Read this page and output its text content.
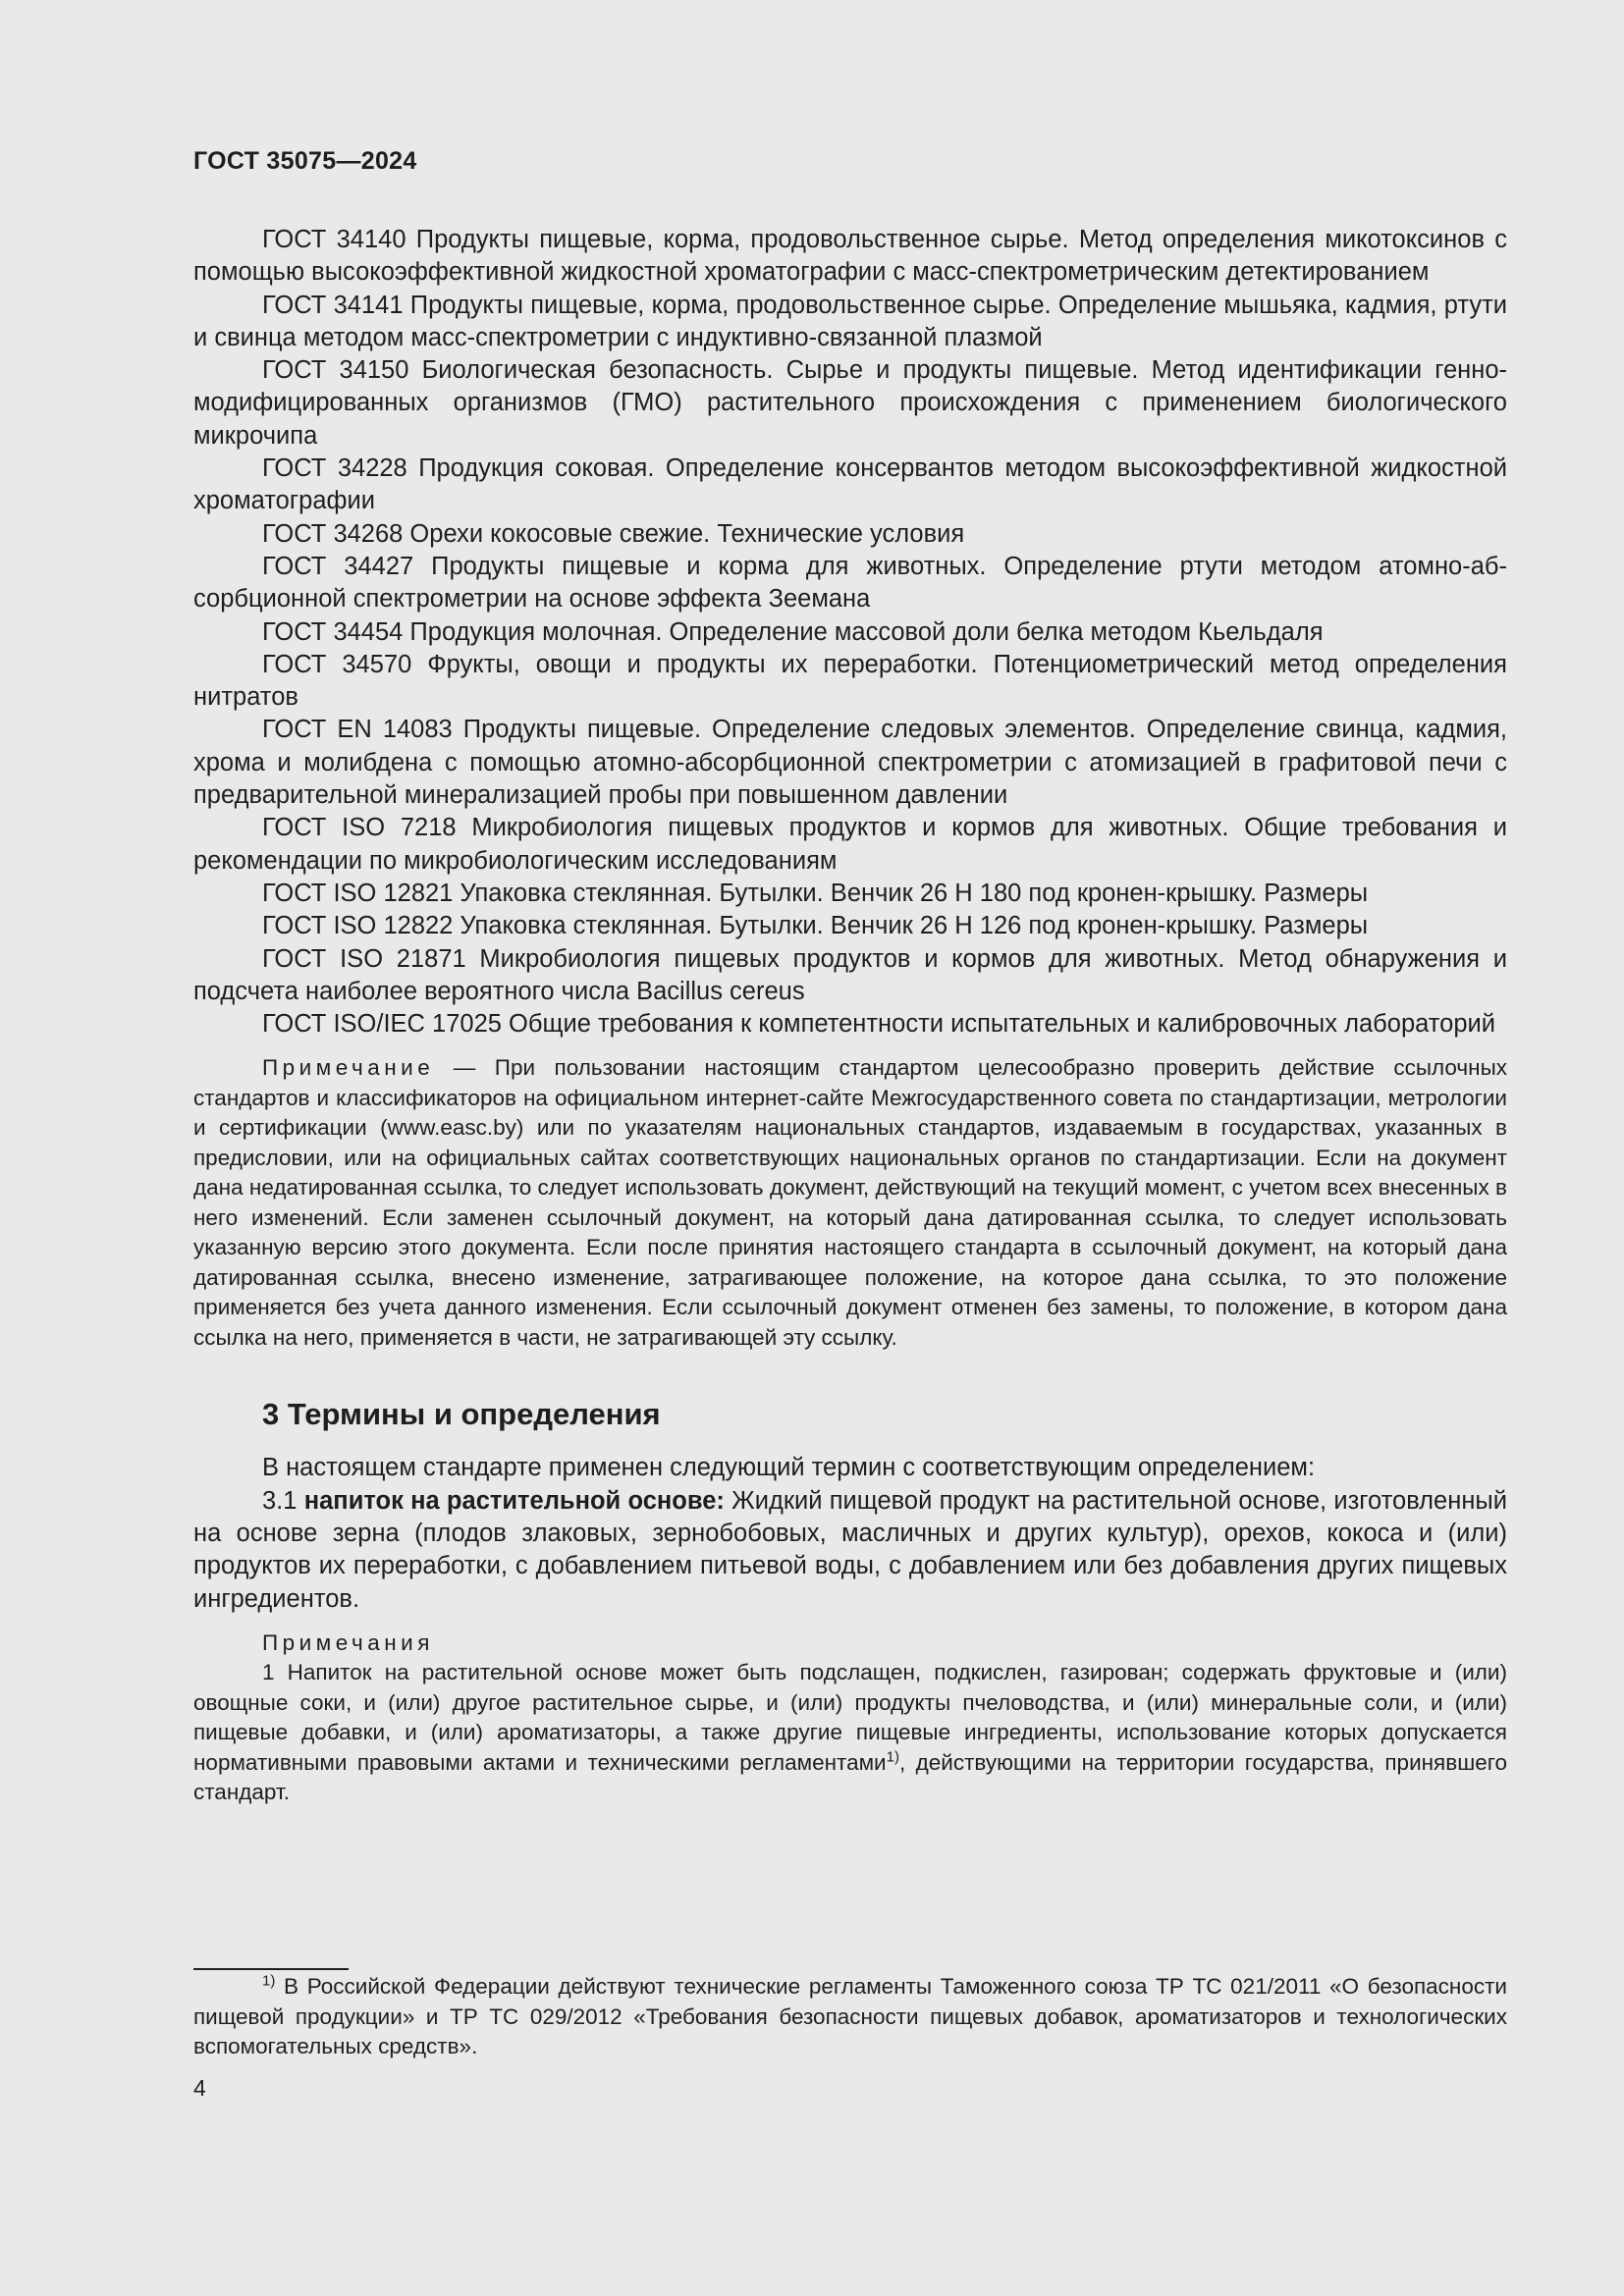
ГОСТ 35075—2024

ГОСТ 34140 Продукты пищевые, корма, продовольственное сырье. Метод определения микотоксинов с помощью высокоэффективной жидкостной хроматографии с масс-спектрометрическим детектированием

ГОСТ 34141 Продукты пищевые, корма, продовольственное сырье. Определение мышьяка, кадмия, ртути и свинца методом масс-спектрометрии с индуктивно-связанной плазмой

ГОСТ 34150 Биологическая безопасность. Сырье и продукты пищевые. Метод идентификации генно-модифицированных организмов (ГМО) растительного происхождения с применением биологического микрочипа

ГОСТ 34228 Продукция соковая. Определение консервантов методом высокоэффективной жидкостной хроматографии

ГОСТ 34268 Орехи кокосовые свежие. Технические условия

ГОСТ 34427 Продукты пищевые и корма для животных. Определение ртути методом атомно-абсорбционной спектрометрии на основе эффекта Зеемана

ГОСТ 34454 Продукция молочная. Определение массовой доли белка методом Кьельдаля

ГОСТ 34570 Фрукты, овощи и продукты их переработки. Потенциометрический метод определения нитратов

ГОСТ EN 14083 Продукты пищевые. Определение следовых элементов. Определение свинца, кадмия, хрома и молибдена с помощью атомно-абсорбционной спектрометрии с атомизацией в графитовой печи с предварительной минерализацией пробы при повышенном давлении

ГОСТ ISO 7218 Микробиология пищевых продуктов и кормов для животных. Общие требования и рекомендации по микробиологическим исследованиям

ГОСТ ISO 12821 Упаковка стеклянная. Бутылки. Венчик 26 Н 180 под кронен-крышку. Размеры

ГОСТ ISO 12822 Упаковка стеклянная. Бутылки. Венчик 26 Н 126 под кронен-крышку. Размеры

ГОСТ ISO 21871 Микробиология пищевых продуктов и кормов для животных. Метод обнаружения и подсчета наиболее вероятного числа Bacillus cereus

ГОСТ ISO/IEC 17025 Общие требования к компетентности испытательных и калибровочных лабораторий

Примечание — При пользовании настоящим стандартом целесообразно проверить действие ссылочных стандартов и классификаторов на официальном интернет-сайте Межгосударственного совета по стандартизации, метрологии и сертификации (www.easc.by) или по указателям национальных стандартов, издаваемым в государствах, указанных в предисловии, или на официальных сайтах соответствующих национальных органов по стандартизации. Если на документ дана недатированная ссылка, то следует использовать документ, действующий на текущий момент, с учетом всех внесенных в него изменений. Если заменен ссылочный документ, на который дана датированная ссылка, то следует использовать указанную версию этого документа. Если после принятия настоящего стандарта в ссылочный документ, на который дана датированная ссылка, внесено изменение, затрагивающее положение, на которое дана ссылка, то это положение применяется без учета данного изменения. Если ссылочный документ отменен без замены, то положение, в котором дана ссылка на него, применяется в части, не затрагивающей эту ссылку.

3 Термины и определения

В настоящем стандарте применен следующий термин с соответствующим определением:

3.1 напиток на растительной основе: Жидкий пищевой продукт на растительной основе, изготовленный на основе зерна (плодов злаковых, зернобобовых, масличных и других культур), орехов, кокоса и (или) продуктов их переработки, с добавлением питьевой воды, с добавлением или без добавления других пищевых ингредиентов.

Примечания

1 Напиток на растительной основе может быть подслащен, подкислен, газирован; содержать фруктовые и (или) овощные соки, и (или) другое растительное сырье, и (или) продукты пчеловодства, и (или) минеральные соли, и (или) пищевые добавки, и (или) ароматизаторы, а также другие пищевые ингредиенты, использование которых допускается нормативными правовыми актами и техническими регламентами$^{1)}$, действующими на территории государства, принявшего стандарт.

$^{1)}$ В Российской Федерации действуют технические регламенты Таможенного союза ТР ТС 021/2011 «О безопасности пищевой продукции» и ТР ТС 029/2012 «Требования безопасности пищевых добавок, ароматизаторов и технологических вспомогательных средств».

4
